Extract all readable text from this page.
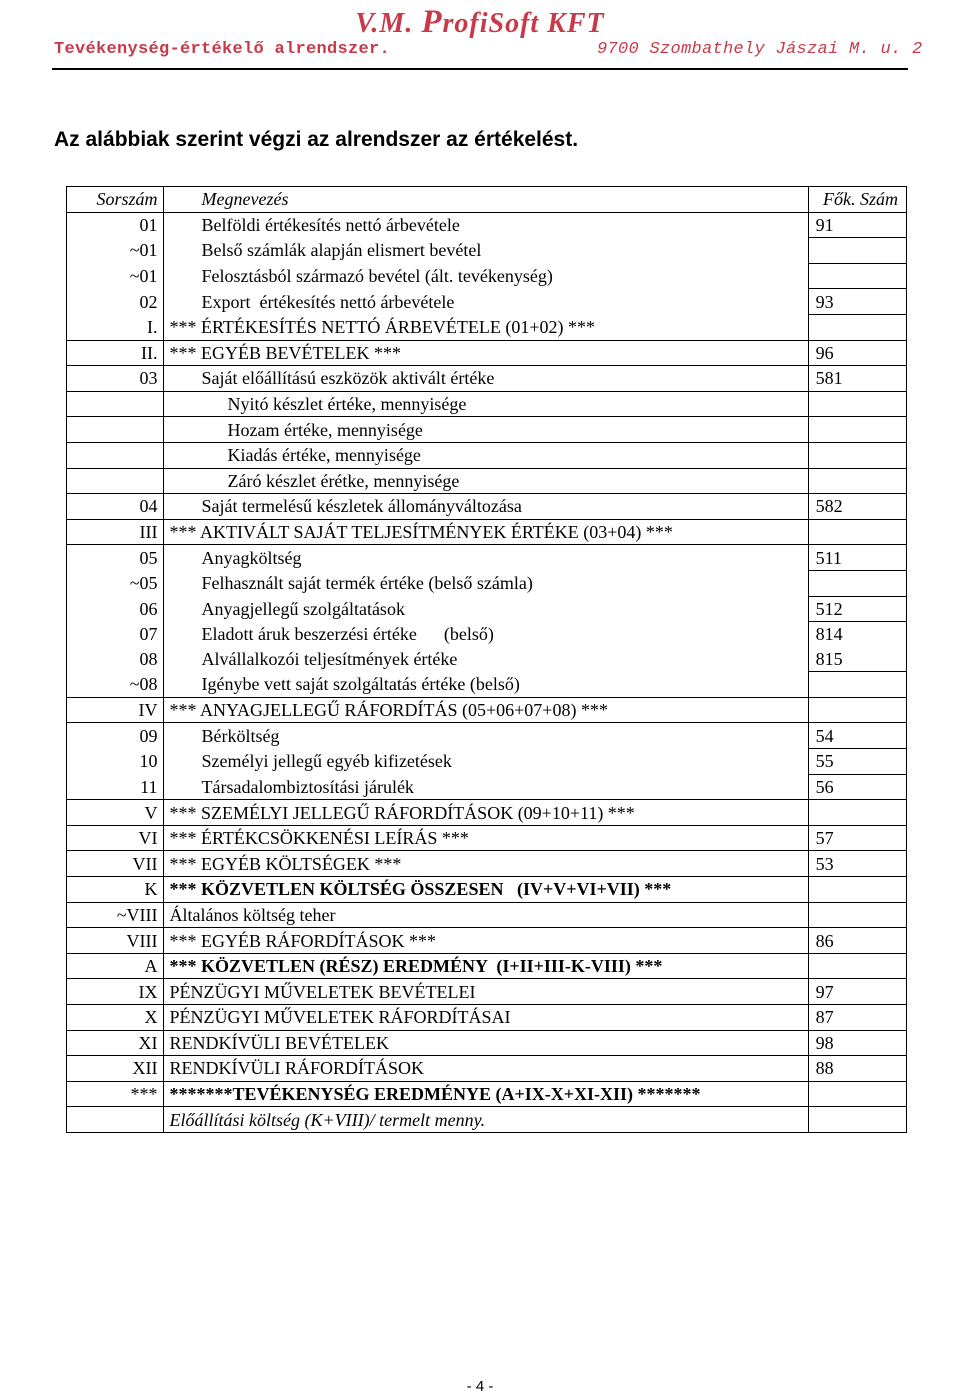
V.M. ProfiSoft KFT
Tevékenység-értékelő alrendszer.	9700 Szombathely Jászai M. u. 2
Az alábbiak szerint végzi az alrendszer az értékelést.
Sorszám	Megnevezés	Fők. Szám
01	Belföldi értékesítés nettó árbevétele	91
~01	Belső számlák alapján elismert bevétel	
~01	Felosztásból származó bevétel (ált. tevékenység)	
02	Export  értékesítés nettó árbevétele	93
I.	*** ÉRTÉKESÍTÉS NETTÓ ÁRBEVÉTELE (01+02) ***	
II.	*** EGYÉB BEVÉTELEK ***	96
03	Saját előállítású eszközök aktivált értéke	581
	Nyitó készlet értéke, mennyisége	
	Hozam értéke, mennyisége	
	Kiadás értéke, mennyisége	
	Záró készlet érétke, mennyisége	
04	Saját termelésű készletek állományváltozása	582
III	*** AKTIVÁLT SAJÁT TELJESÍTMÉNYEK ÉRTÉKE (03+04) ***	
05	Anyagköltség	511
~05	Felhasznált saját termék értéke (belső számla)	
06	Anyagjellegű szolgáltatások	512
07	Eladott áruk beszerzési értéke      (belső)	814
08	Alvállalkozói teljesítmények értéke	815
~08	Igénybe vett saját szolgáltatás értéke (belső)	
IV	*** ANYAGJELLEGŰ RÁFORDÍTÁS (05+06+07+08) ***	
09	Bérköltség	54
10	Személyi jellegű egyéb kifizetések	55
11	Társadalombiztosítási járulék	56
V	*** SZEMÉLYI JELLEGŰ RÁFORDÍTÁSOK (09+10+11) ***	
VI	*** ÉRTÉKCSÖKKENÉSI LEÍRÁS ***	57
VII	*** EGYÉB KÖLTSÉGEK ***	53
K	*** KÖZVETLEN KÖLTSÉG ÖSSZESEN   (IV+V+VI+VII) ***	
~VIII	Általános költség teher	
VIII	*** EGYÉB RÁFORDÍTÁSOK ***	86
A	*** KÖZVETLEN (RÉSZ) EREDMÉNY  (I+II+III-K-VIII) ***	
IX	PÉNZÜGYI MŰVELETEK BEVÉTELEI	97
X	PÉNZÜGYI MŰVELETEK RÁFORDÍTÁSAI	87
XI	RENDKÍVÜLI BEVÉTELEK	98
XII	RENDKÍVÜLI RÁFORDÍTÁSOK	88
***	*******TEVÉKENYSÉG EREDMÉNYE (A+IX-X+XI-XII) *******	
	Előállítási költség (K+VIII)/ termelt menny.	
- 4 -
